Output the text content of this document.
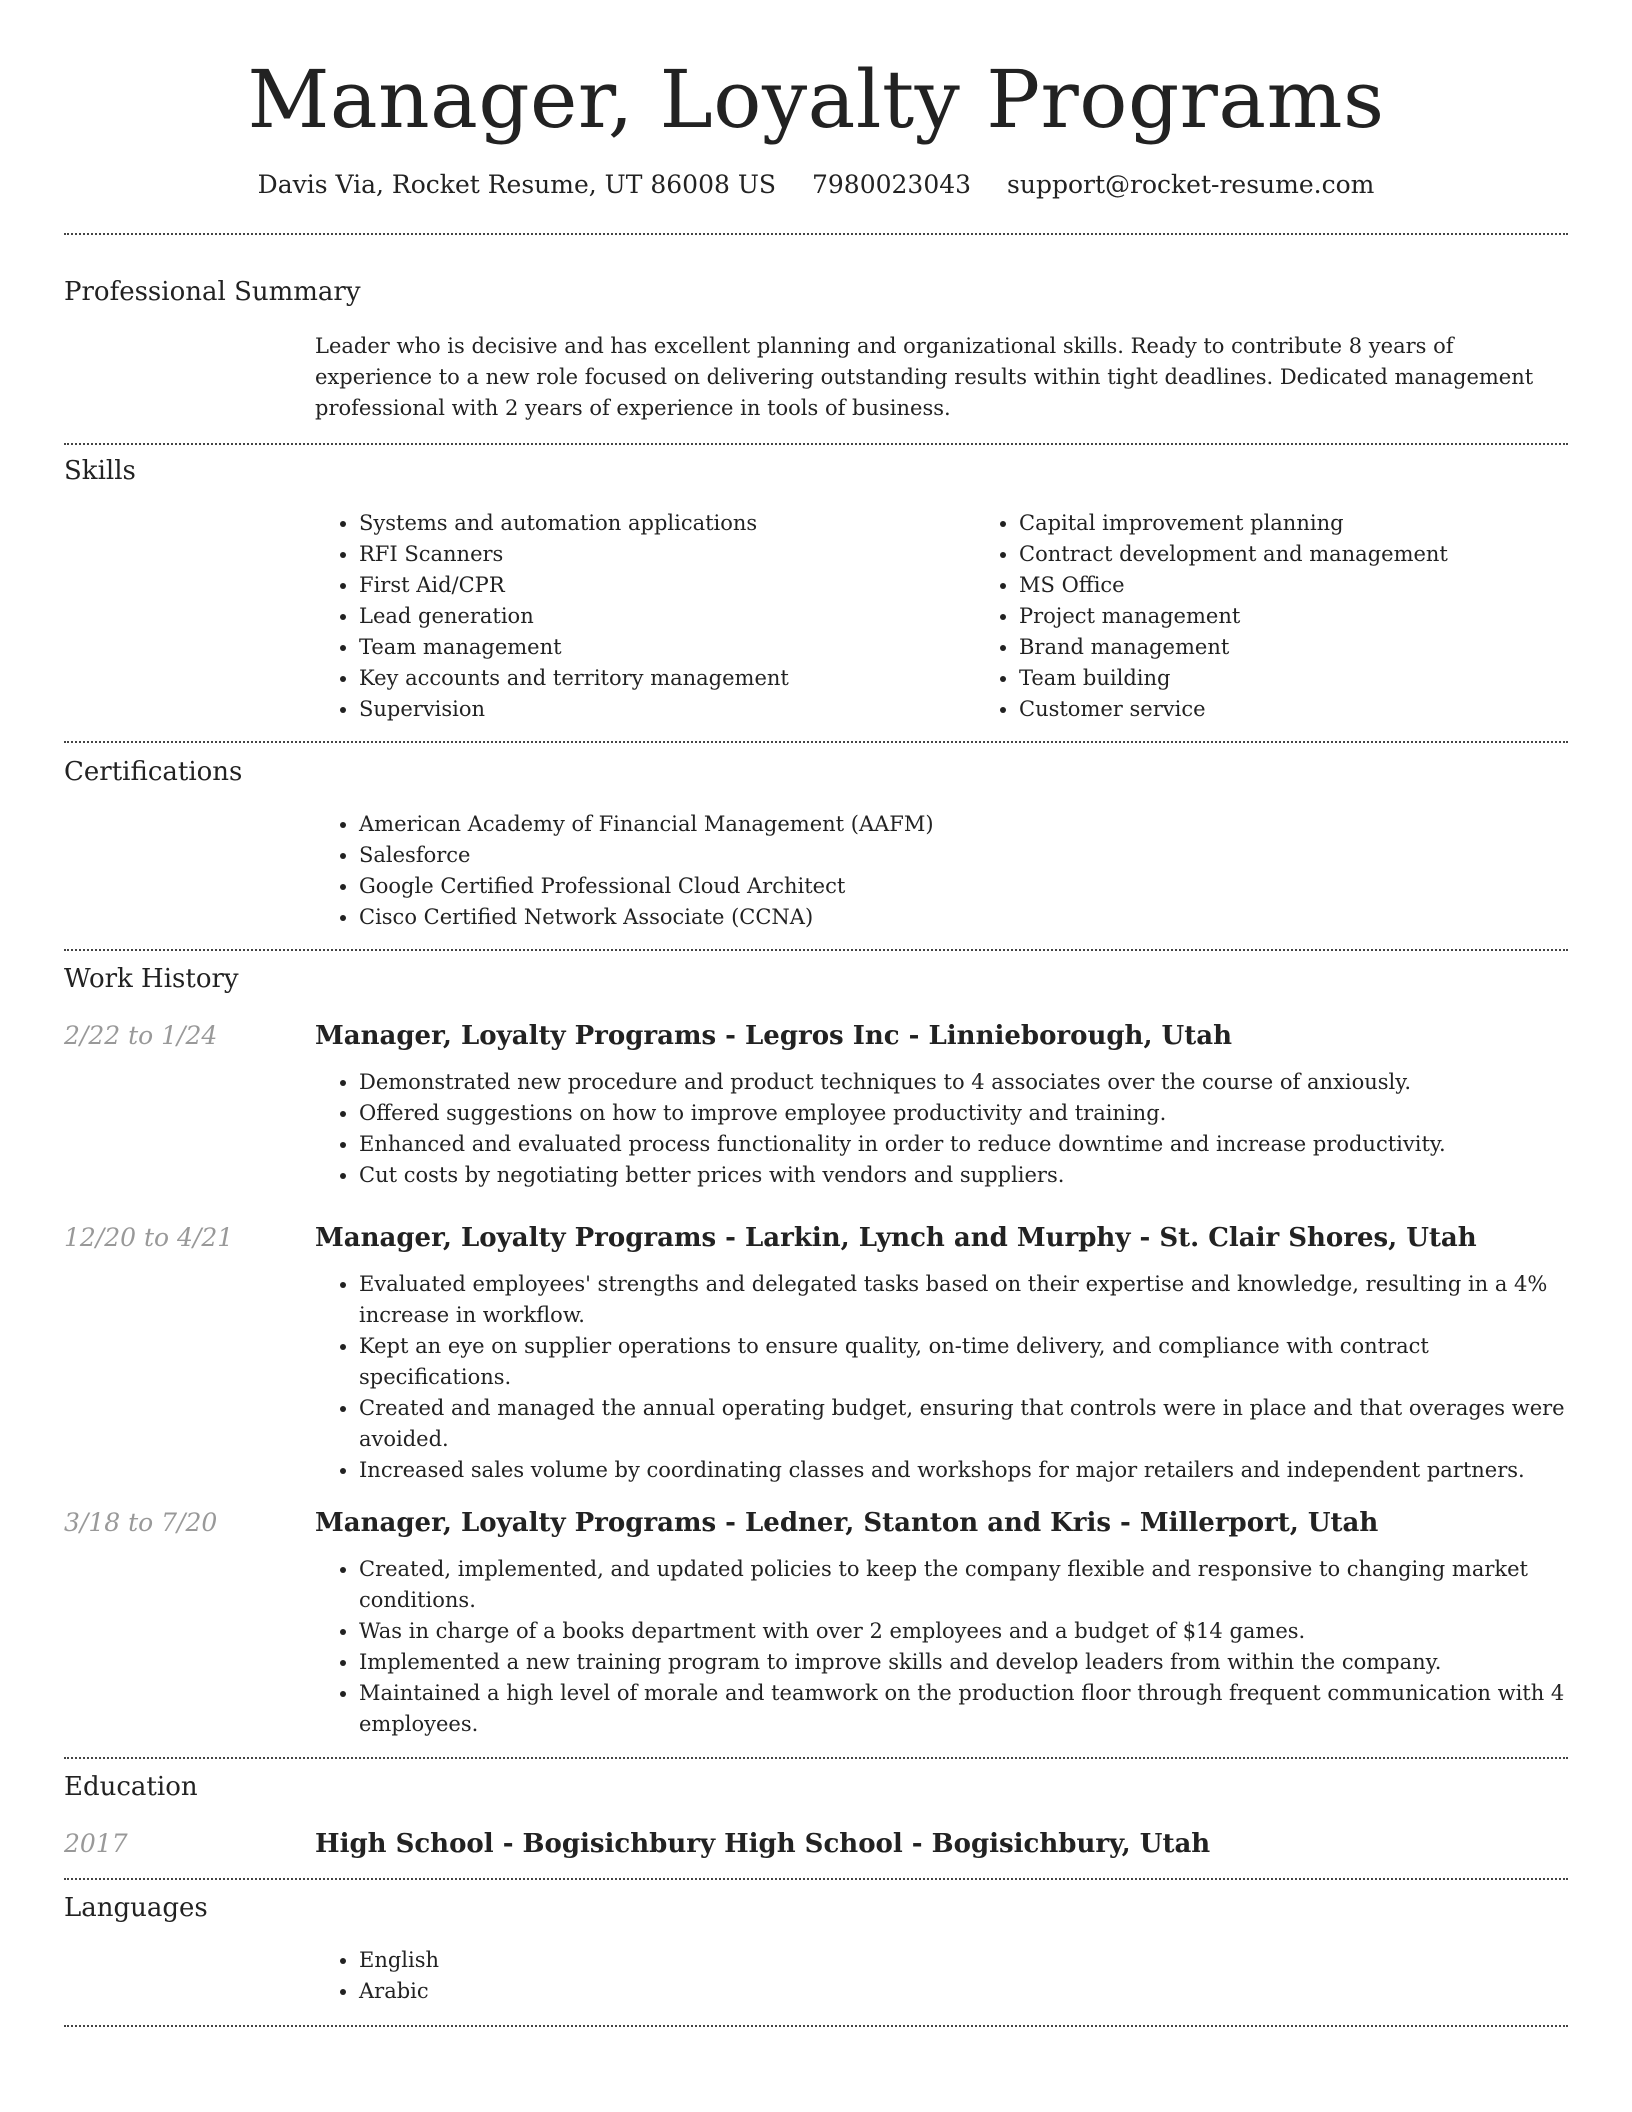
Manager, Loyalty Programs
Davis Via, Rocket Resume, UT 86008 US 7980023043 support@rocket-resume.com
Professional Summary

Leader who is decisive and has excellent planning and organizational skills. Ready to contribute 8 years of experience to a new role focused on delivering outstanding results within tight deadlines. Dedicated management professional with 2 years of experience in tools of business.

Skills
• Systems and automation applications
• RFI Scanners
• First Aid/CPR
• Lead generation
• Team management
• Key accounts and territory management
• Supervision
• Capital improvement planning
• Contract development and management
• MS Office
• Project management
• Brand management
• Team building
• Customer service
Certifications
• American Academy of Financial Management (AAFM)
• Salesforce
• Google Certified Professional Cloud Architect
• Cisco Certified Network Associate (CCNA)
Work History
2/22 to 1/24	Manager, Loyalty Programs - Legros Inc - Linnieborough, Utah
• Demonstrated new procedure and product techniques to 4 associates over the course of anxiously.
• Offered suggestions on how to improve employee productivity and training.
• Enhanced and evaluated process functionality in order to reduce downtime and increase productivity.
• Cut costs by negotiating better prices with vendors and suppliers.
12/20 to 4/21	Manager, Loyalty Programs - Larkin, Lynch and Murphy - St. Clair Shores, Utah
• Evaluated employees' strengths and delegated tasks based on their expertise and knowledge, resulting in a 4% increase in workflow.
• Kept an eye on supplier operations to ensure quality, on-time delivery, and compliance with contract specifications.
• Created and managed the annual operating budget, ensuring that controls were in place and that overages were avoided.
• Increased sales volume by coordinating classes and workshops for major retailers and independent partners.
3/18 to 7/20	Manager, Loyalty Programs - Ledner, Stanton and Kris - Millerport, Utah
• Created, implemented, and updated policies to keep the company flexible and responsive to changing market conditions.
• Was in charge of a books department with over 2 employees and a budget of $14 games.
• Implemented a new training program to improve skills and develop leaders from within the company.
• Maintained a high level of morale and teamwork on the production floor through frequent communication with 4 employees.
Education
2017	High School - Bogisichbury High School - Bogisichbury, Utah
Languages
• English
• Arabic
